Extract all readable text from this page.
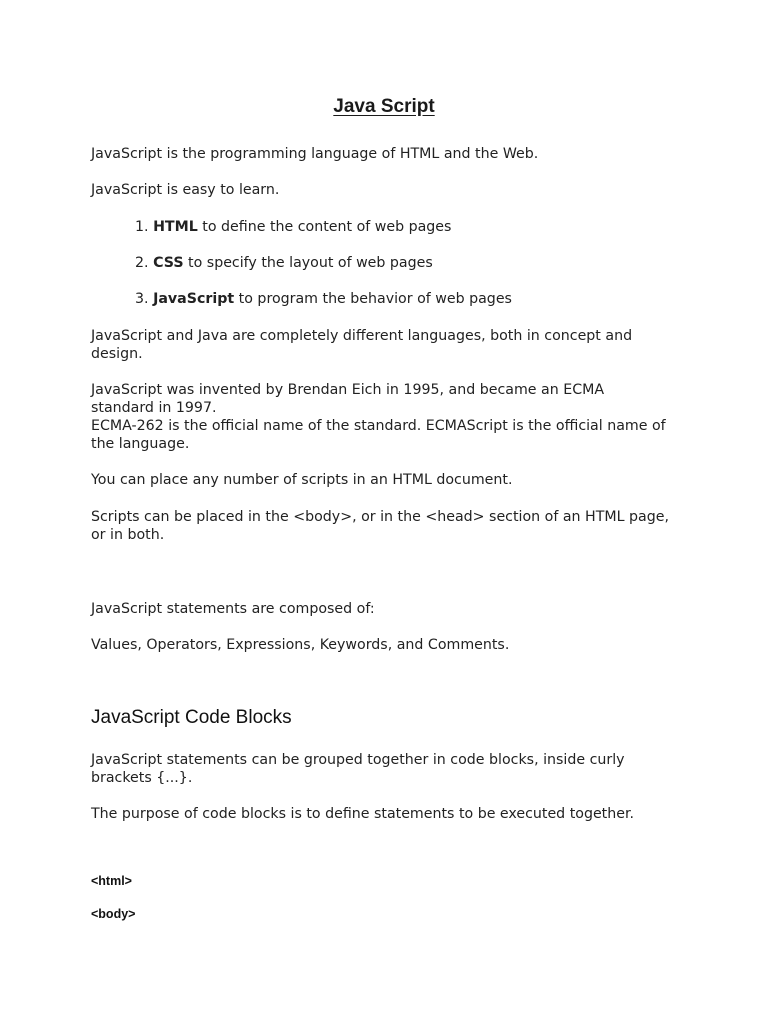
Java Script

JavaScript is the programming language of HTML and the Web.

JavaScript is easy to learn.

1. HTML to define the content of web pages
2. CSS to specify the layout of web pages
3. JavaScript to program the behavior of web pages

JavaScript and Java are completely different languages, both in concept and design.

JavaScript was invented by Brendan Eich in 1995, and became an ECMA standard in 1997.

ECMA-262 is the official name of the standard. ECMAScript is the official name of the language.

You can place any number of scripts in an HTML document.

Scripts can be placed in the <body>, or in the <head> section of an HTML page, or in both.

JavaScript statements are composed of:

Values, Operators, Expressions, Keywords, and Comments.

JavaScript Code Blocks

JavaScript statements can be grouped together in code blocks, inside curly brackets {...}.

The purpose of code blocks is to define statements to be executed together.

<html>
<body>
